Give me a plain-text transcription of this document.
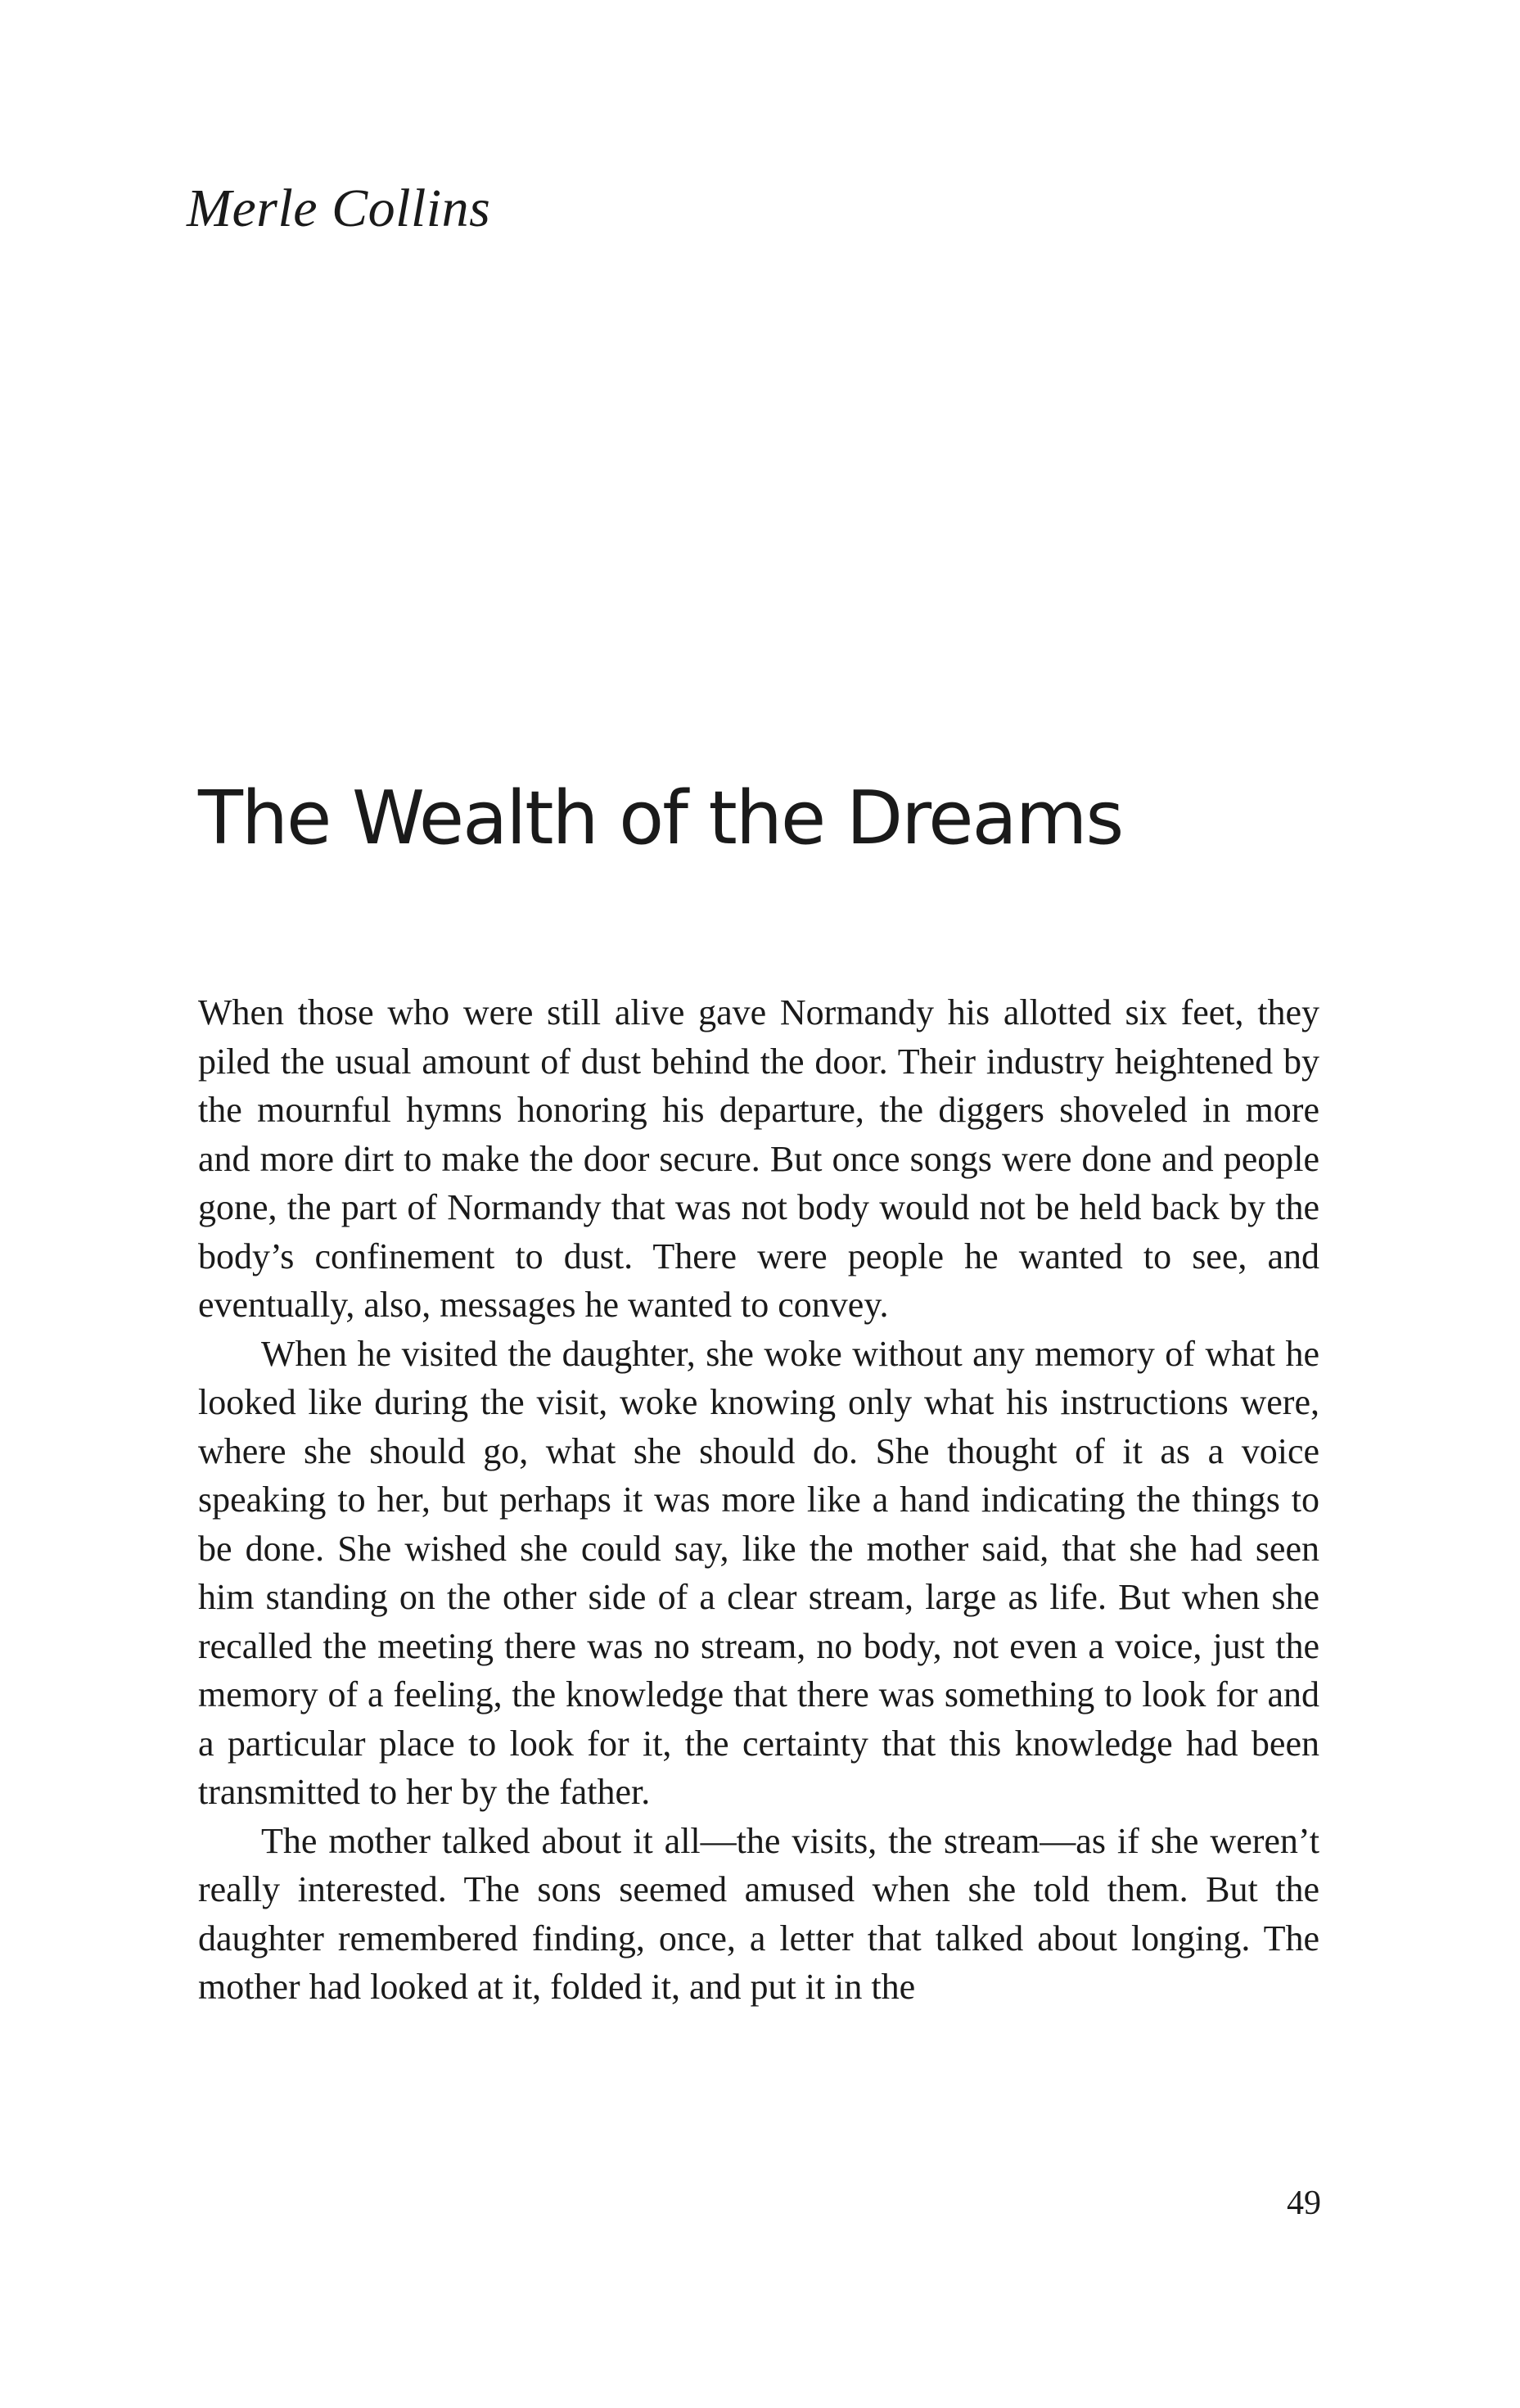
Merle Collins
The Wealth of the Dreams

When those who were still alive gave Normandy his allotted six feet, they piled the usual amount of dust behind the door. Their industry heightened by the mournful hymns honoring his departure, the diggers shoveled in more and more dirt to make the door secure. But once songs were done and people gone, the part of Normandy that was not body would not be held back by the body’s confinement to dust. There were people he wanted to see, and eventually, also, messages he wanted to convey.

When he visited the daughter, she woke without any memory of what he looked like during the visit, woke knowing only what his instructions were, where she should go, what she should do. She thought of it as a voice speaking to her, but perhaps it was more like a hand indicating the things to be done. She wished she could say, like the mother said, that she had seen him standing on the other side of a clear stream, large as life. But when she recalled the meeting there was no stream, no body, not even a voice, just the memory of a feeling, the knowledge that there was something to look for and a particular place to look for it, the certainty that this knowledge had been transmitted to her by the father.

The mother talked about it all—the visits, the stream—as if she weren’t really interested. The sons seemed amused when she told them. But the daughter remembered finding, once, a letter that talked about longing. The mother had looked at it, folded it, and put it in the

49
